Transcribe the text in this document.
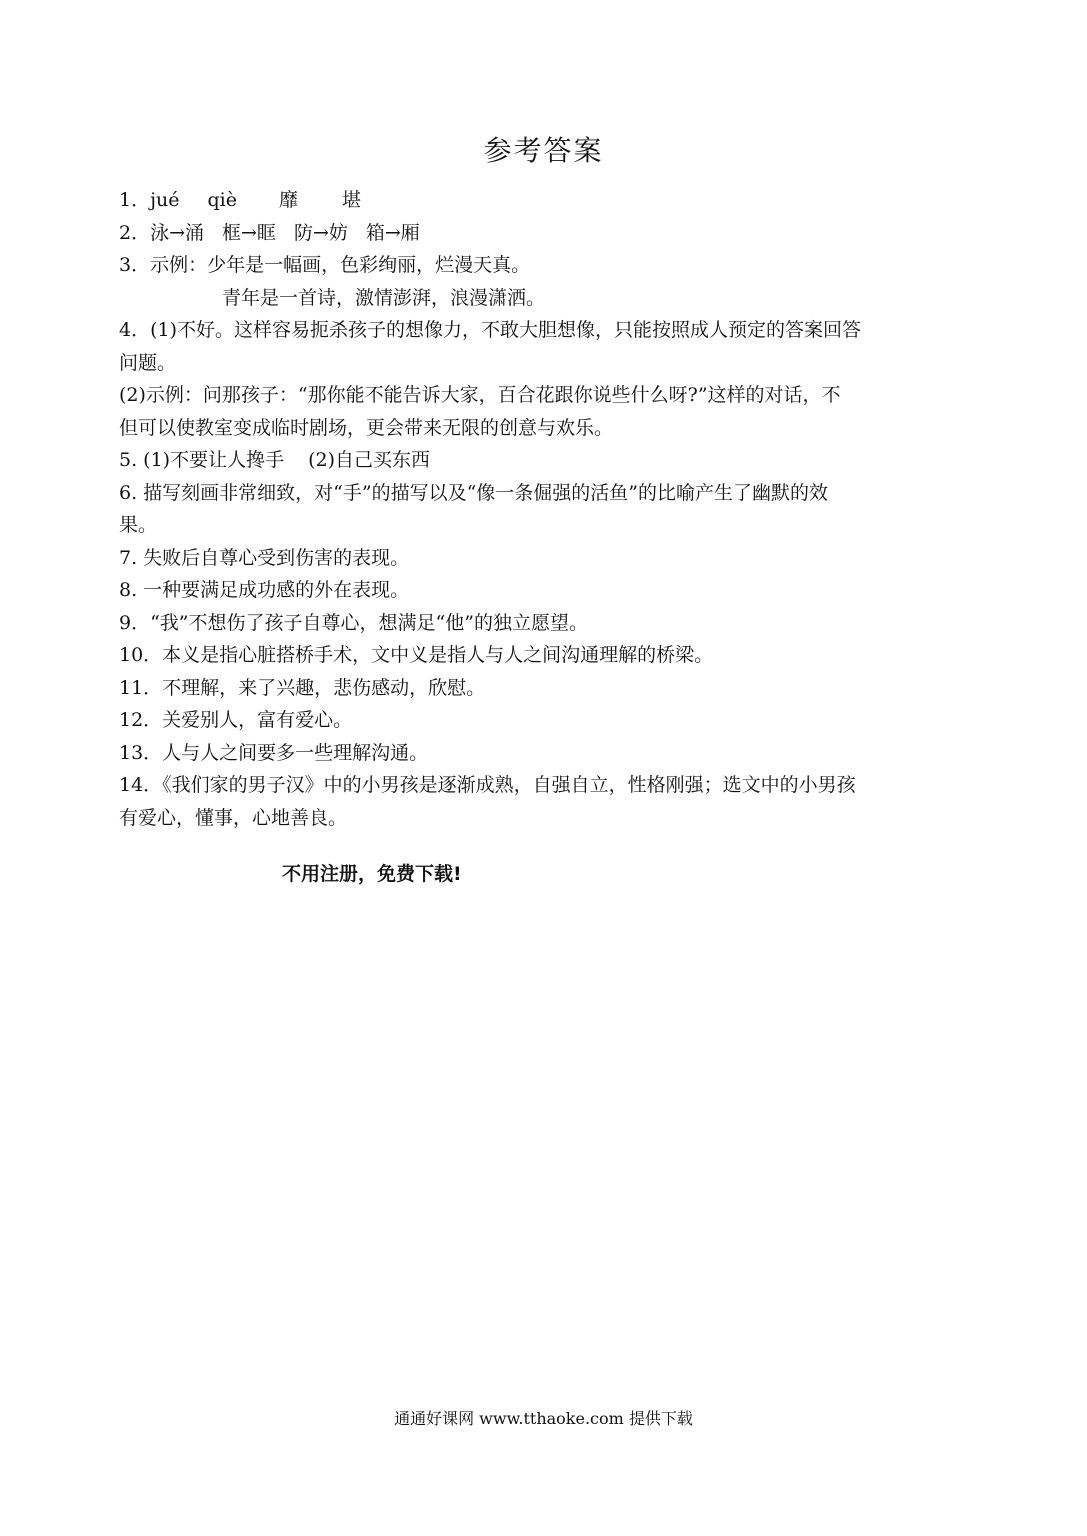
参考答案

1．jué qiè 靡 堪

2．泳→涌 框→眶 防→妨 箱→厢

3．示例：少年是一幅画，色彩绚丽，烂漫天真。

青年是一首诗，激情澎湃，浪漫潇洒。

4．(1)不好。这样容易扼杀孩子的想像力，不敢大胆想像，只能按照成人预定的答案回答

问题。

(2)示例：问那孩子：“那你能不能告诉大家，百合花跟你说些什么呀?”这样的对话，不

但可以使教室变成临时剧场，更会带来无限的创意与欢乐。

5. (1)不要让人搀手 (2)自己买东西

6. 描写刻画非常细致，对“手”的描写以及“像一条倔强的活鱼”的比喻产生了幽默的效

果。

7. 失败后自尊心受到伤害的表现。

8. 一种要满足成功感的外在表现。

9．“我”不想伤了孩子自尊心，想满足“他”的独立愿望。

10．本义是指心脏搭桥手术，文中义是指人与人之间沟通理解的桥梁。

11．不理解，来了兴趣，悲伤感动，欣慰。

12．关爱别人，富有爱心。

13．人与人之间要多一些理解沟通。

14．《我们家的男子汉》中的小男孩是逐渐成熟，自强自立，性格刚强；选文中的小男孩

有爱心，懂事，心地善良。

不用注册，免费下载!
通通好课网 www.tthaoke.com 提供下载
